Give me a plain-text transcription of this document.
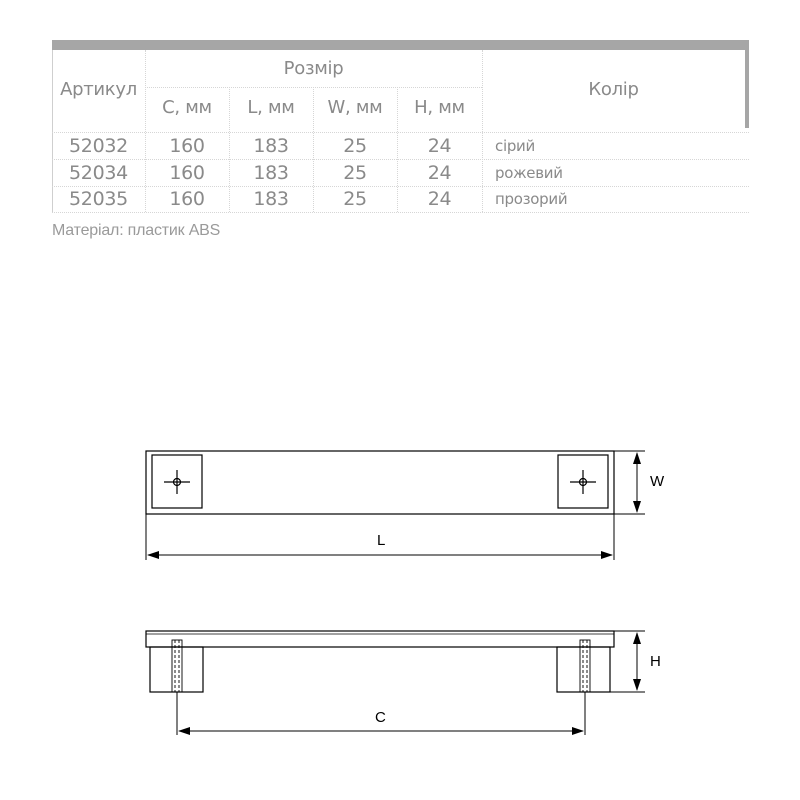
Артикул
Розмір
Колір
C, мм	L, мм	W, мм	H, мм
52032	160	183	25	24	сірий
52034	160	183	25	24	рожевий
52035	160	183	25	24	прозорий
Матеріал: пластик ABS
W
L
H
C
